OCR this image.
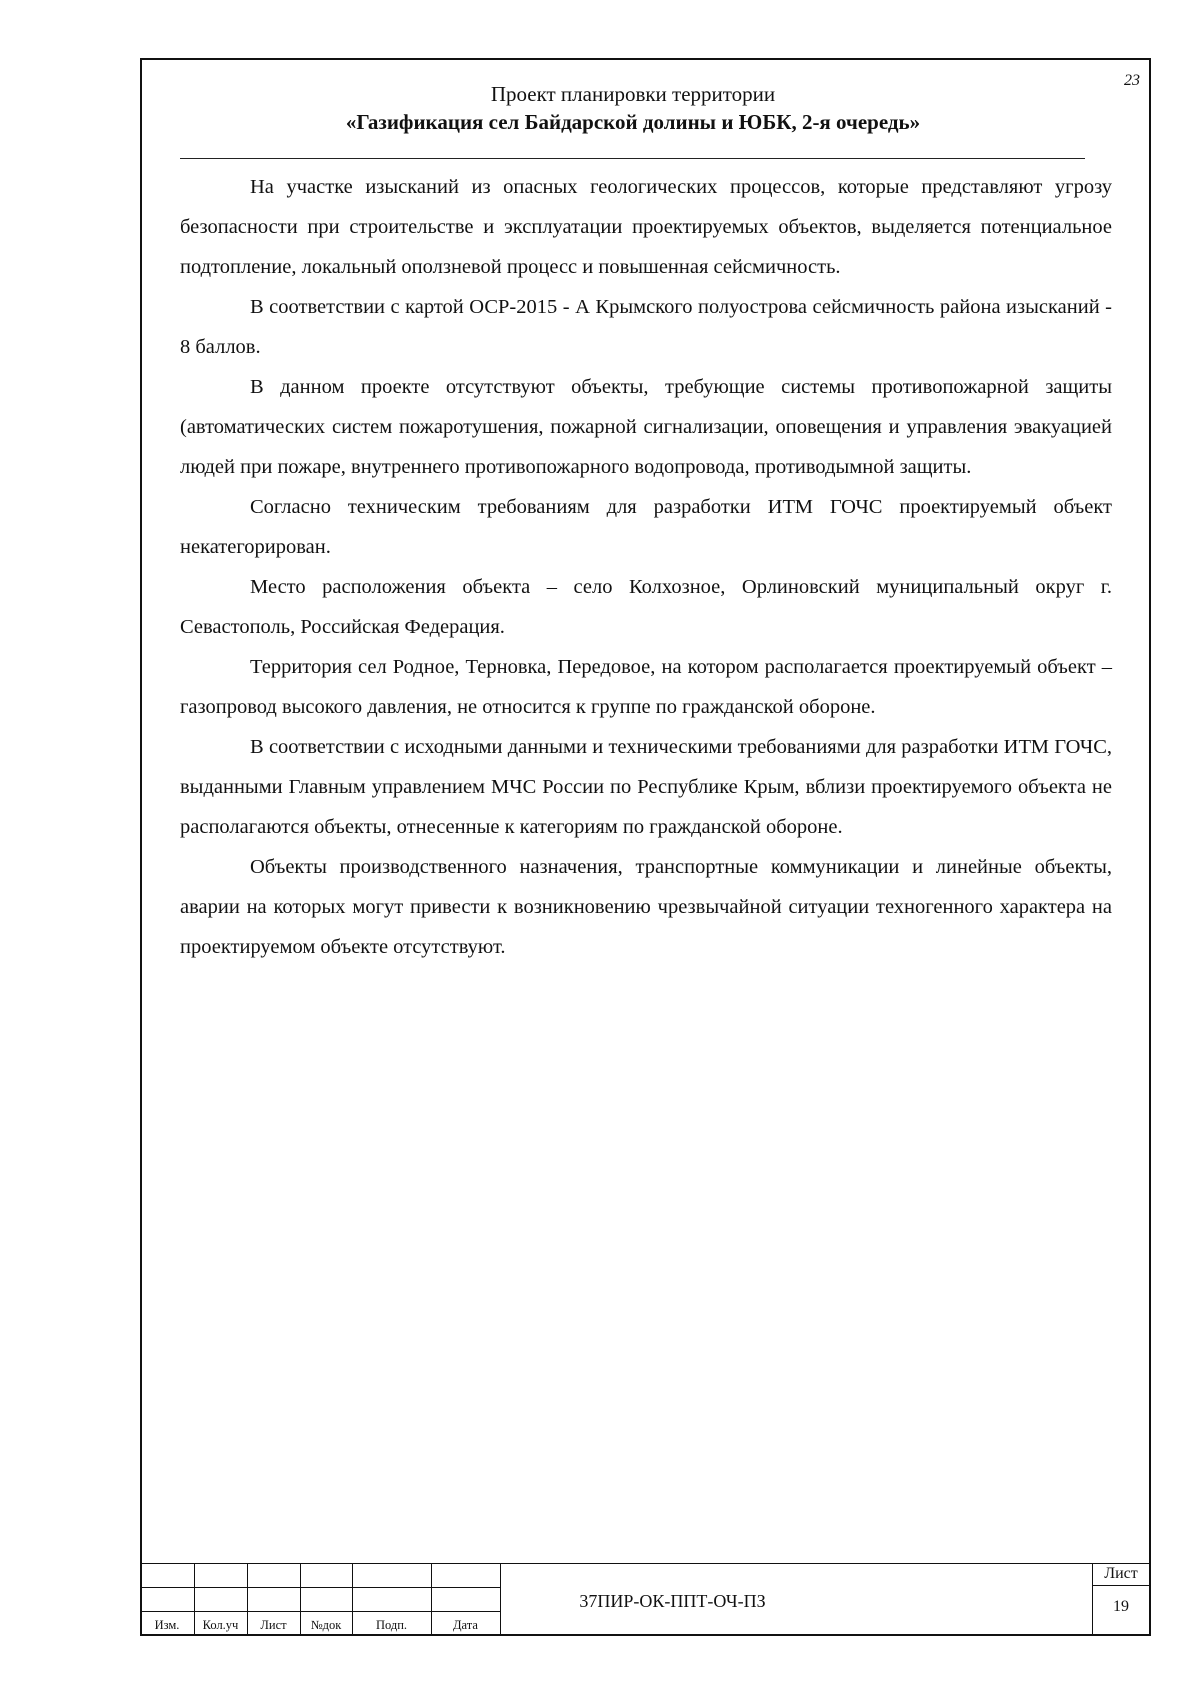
23
Проект планировки территории
«Газификация сел Байдарской долины и ЮБК, 2-я очередь»

На участке изысканий из опасных геологических процессов, которые представляют угрозу безопасности при строительстве и эксплуатации проектируемых объектов, выделяется потенциальное подтопление, локальный оползневой процесс и повышенная сейсмичность.

В соответствии с картой ОСР-2015 - А Крымского полуострова сейсмичность района изысканий - 8 баллов.

В данном проекте отсутствуют объекты, требующие системы противопожарной защиты (автоматических систем пожаротушения, пожарной сигнализации, оповещения и управления эвакуацией людей при пожаре, внутреннего противопожарного водопровода, противодымной защиты.

Согласно техническим требованиям для разработки ИТМ ГОЧС проектируемый объект некатегорирован.

Место расположения объекта – село Колхозное, Орлиновский муниципальный округ г. Севастополь, Российская Федерация.

Территория сел Родное, Терновка, Передовое, на котором располагается проектируемый объект – газопровод высокого давления, не относится к группе по гражданской обороне.

В соответствии с исходными данными и техническими требованиями для разработки ИТМ ГОЧС, выданными Главным управлением МЧС России по Республике Крым, вблизи проектируемого объекта не располагаются объекты, отнесенные к категориям по гражданской обороне.

Объекты производственного назначения, транспортные коммуникации и линейные объекты, аварии на которых могут привести к возникновению чрезвычайной ситуации техногенного характера на проектируемом объекте отсутствуют.

Изм.	Кол.уч	Лист	№док	Подп.	Дата
37ПИР-ОК-ППТ-ОЧ-ПЗ
Лист
19
